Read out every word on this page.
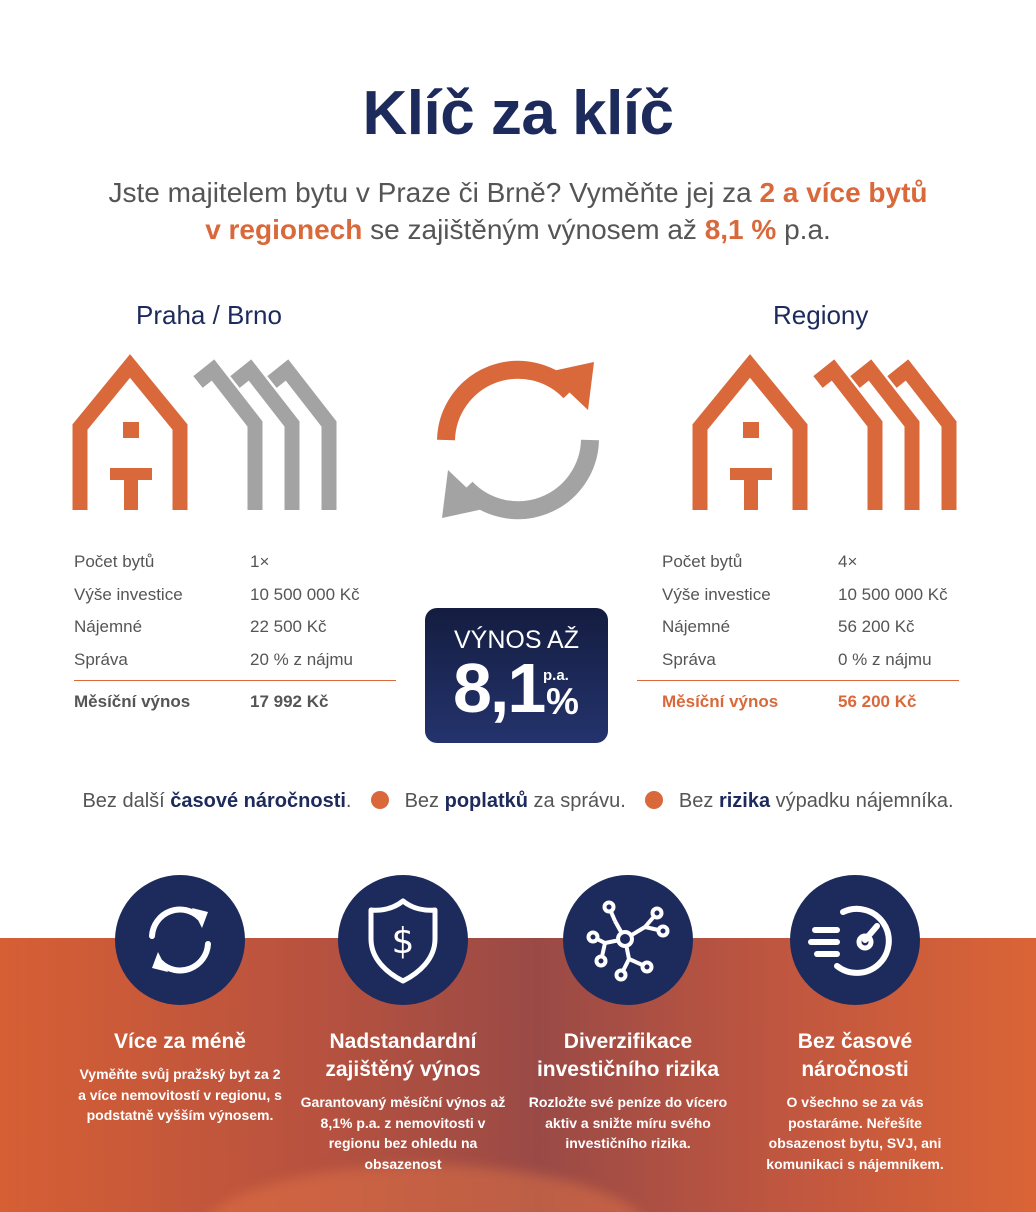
Klíč za klíč
Jste majitelem bytu v Praze či Brně? Vyměňte jej za 2 a více bytů
v regionech se zajištěným výnosem až 8,1 % p.a.
Praha / Brno
Počet bytů	1×
Výše investice	10 500 000 Kč
Nájemné	22 500 Kč
Správa	20 % z nájmu
Měsíční výnos	17 992 Kč
VÝNOS AŽ
8,1
p.a.
%
Regiony
Počet bytů	4×
Výše investice	10 500 000 Kč
Nájemné	56 200 Kč
Správa	0 % z nájmu
Měsíční výnos	56 200 Kč
Bez další časové náročnosti.	Bez poplatků za správu.	Bez rizika výpadku nájemníka.
Více za méně
Vyměňte svůj pražský byt za 2 a více nemovitostí v regionu, s podstatně vyšším výnosem.
$
Nadstandardní zajištěný výnos
Garantovaný měsíční výnos až 8,1% p.a. z nemovitosti v regionu bez ohledu na obsazenost
Diverzifikace investičního rizika
Rozložte své peníze do vícero aktiv a snižte míru svého investičního rizika.
Bez časové náročnosti
O všechno se za vás postaráme. Neřešíte obsazenost bytu, SVJ, ani komunikaci s nájemníkem.
